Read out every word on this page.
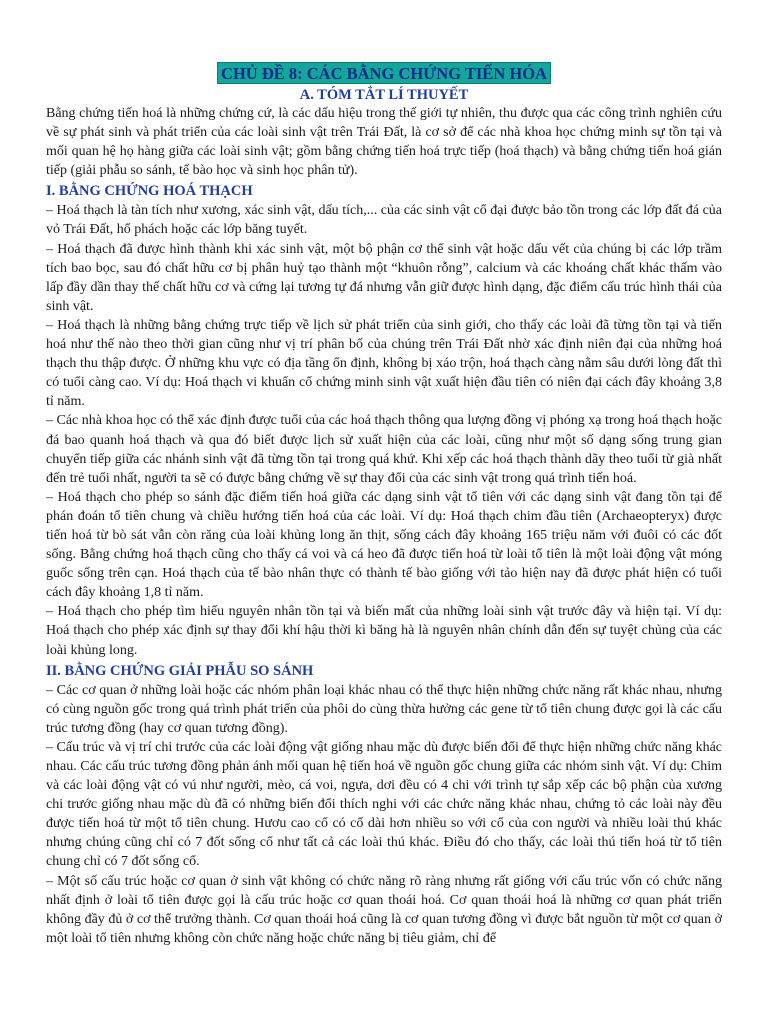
CHỦ ĐỀ 8: CÁC BẰNG CHỨNG TIẾN HÓA

A. TÓM TẮT LÍ THUYẾT

Bằng chứng tiến hoá là những chứng cứ, là các dấu hiệu trong thế giới tự nhiên, thu được qua các công trình nghiên cứu về sự phát sinh và phát triển của các loài sinh vật trên Trái Đất, là cơ sở để các nhà khoa học chứng minh sự tồn tại và mối quan hệ họ hàng giữa các loài sinh vật; gồm bằng chứng tiến hoá trực tiếp (hoá thạch) và bằng chứng tiến hoá gián tiếp (giải phẫu so sánh, tế bào học và sinh học phân tử).

I. BẰNG CHỨNG HOÁ THẠCH

– Hoá thạch là tàn tích như xương, xác sinh vật, dấu tích,... của các sinh vật cổ đại được bảo tồn trong các lớp đất đá của vỏ Trái Đất, hổ phách hoặc các lớp băng tuyết.

– Hoá thạch đã được hình thành khi xác sinh vật, một bộ phận cơ thể sinh vật hoặc dấu vết của chúng bị các lớp trầm tích bao bọc, sau đó chất hữu cơ bị phân huỷ tạo thành một “khuôn rỗng”, calcium và các khoáng chất khác thấm vào lấp đầy dần thay thế chất hữu cơ và cứng lại tương tự đá nhưng vẫn giữ được hình dạng, đặc điểm cấu trúc hình thái của sinh vật.

– Hoá thạch là những bằng chứng trực tiếp về lịch sử phát triển của sinh giới, cho thấy các loài đã từng tồn tại và tiến hoá như thế nào theo thời gian cũng như vị trí phân bố của chúng trên Trái Đất nhờ xác định niên đại của những hoá thạch thu thập được. Ở những khu vực có địa tầng ổn định, không bị xáo trộn, hoá thạch càng nằm sâu dưới lòng đất thì có tuổi càng cao. Ví dụ: Hoá thạch vi khuẩn cổ chứng minh sinh vật xuất hiện đầu tiên có niên đại cách đây khoảng 3,8 tỉ năm.

– Các nhà khoa học có thể xác định được tuổi của các hoá thạch thông qua lượng đồng vị phóng xạ trong hoá thạch hoặc đá bao quanh hoá thạch và qua đó biết được lịch sử xuất hiện của các loài, cũng như một số dạng sống trung gian chuyển tiếp giữa các nhánh sinh vật đã từng tồn tại trong quá khứ. Khi xếp các hoá thạch thành dãy theo tuổi từ già nhất đến trẻ tuổi nhất, người ta sẽ có được bằng chứng về sự thay đổi của các sinh vật trong quá trình tiến hoá.

– Hoá thạch cho phép so sánh đặc điểm tiến hoá giữa các dạng sinh vật tổ tiên với các dạng sinh vật đang tồn tại để phán đoán tổ tiên chung và chiều hướng tiến hoá của các loài. Ví dụ: Hoá thạch chim đầu tiên (Archaeopteryx) được tiến hoá từ bò sát vẫn còn răng của loài khủng long ăn thịt, sống cách đây khoảng 165 triệu năm với đuôi có các đốt sống. Bằng chứng hoá thạch cũng cho thấy cá voi và cá heo đã được tiến hoá từ loài tổ tiên là một loài động vật móng guốc sống trên cạn. Hoá thạch của tế bào nhân thực có thành tế bào giống với tảo hiện nay đã được phát hiện có tuổi cách đây khoảng 1,8 tỉ năm.

– Hoá thạch cho phép tìm hiểu nguyên nhân tồn tại và biến mất của những loài sinh vật trước đây và hiện tại. Ví dụ: Hoá thạch cho phép xác định sự thay đổi khí hậu thời kì băng hà là nguyên nhân chính dẫn đến sự tuyệt chủng của các loài khủng long.

II. BẰNG CHỨNG GIẢI PHẪU SO SÁNH

– Các cơ quan ở những loài hoặc các nhóm phân loại khác nhau có thể thực hiện những chức năng rất khác nhau, nhưng có cùng nguồn gốc trong quá trình phát triển của phôi do cùng thừa hưởng các gene từ tổ tiên chung được gọi là các cấu trúc tương đồng (hay cơ quan tương đồng).

– Cấu trúc và vị trí chi trước của các loài động vật giống nhau mặc dù được biến đổi để thực hiện những chức năng khác nhau. Các cấu trúc tương đồng phản ánh mối quan hệ tiến hoá về nguồn gốc chung giữa các nhóm sinh vật. Ví dụ: Chim và các loài động vật có vú như người, mèo, cá voi, ngựa, dơi đều có 4 chi với trình tự sắp xếp các bộ phận của xương chi trước giống nhau mặc dù đã có những biến đổi thích nghi với các chức năng khác nhau, chứng tỏ các loài này đều được tiến hoá từ một tổ tiên chung. Hươu cao cổ có cổ dài hơn nhiều so với cổ của con người và nhiều loài thú khác nhưng chúng cũng chỉ có 7 đốt sống cổ như tất cả các loài thú khác. Điều đó cho thấy, các loài thú tiến hoá từ tổ tiên chung chỉ có 7 đốt sống cổ.

– Một số cấu trúc hoặc cơ quan ở sinh vật không có chức năng rõ ràng nhưng rất giống với cấu trúc vốn có chức năng nhất định ở loài tổ tiên được gọi là cấu trúc hoặc cơ quan thoái hoá. Cơ quan thoái hoá là những cơ quan phát triển không đầy đủ ở cơ thể trưởng thành. Cơ quan thoái hoá cũng là cơ quan tương đồng vì được bắt nguồn từ một cơ quan ở một loài tổ tiên nhưng không còn chức năng hoặc chức năng bị tiêu giảm, chỉ để
